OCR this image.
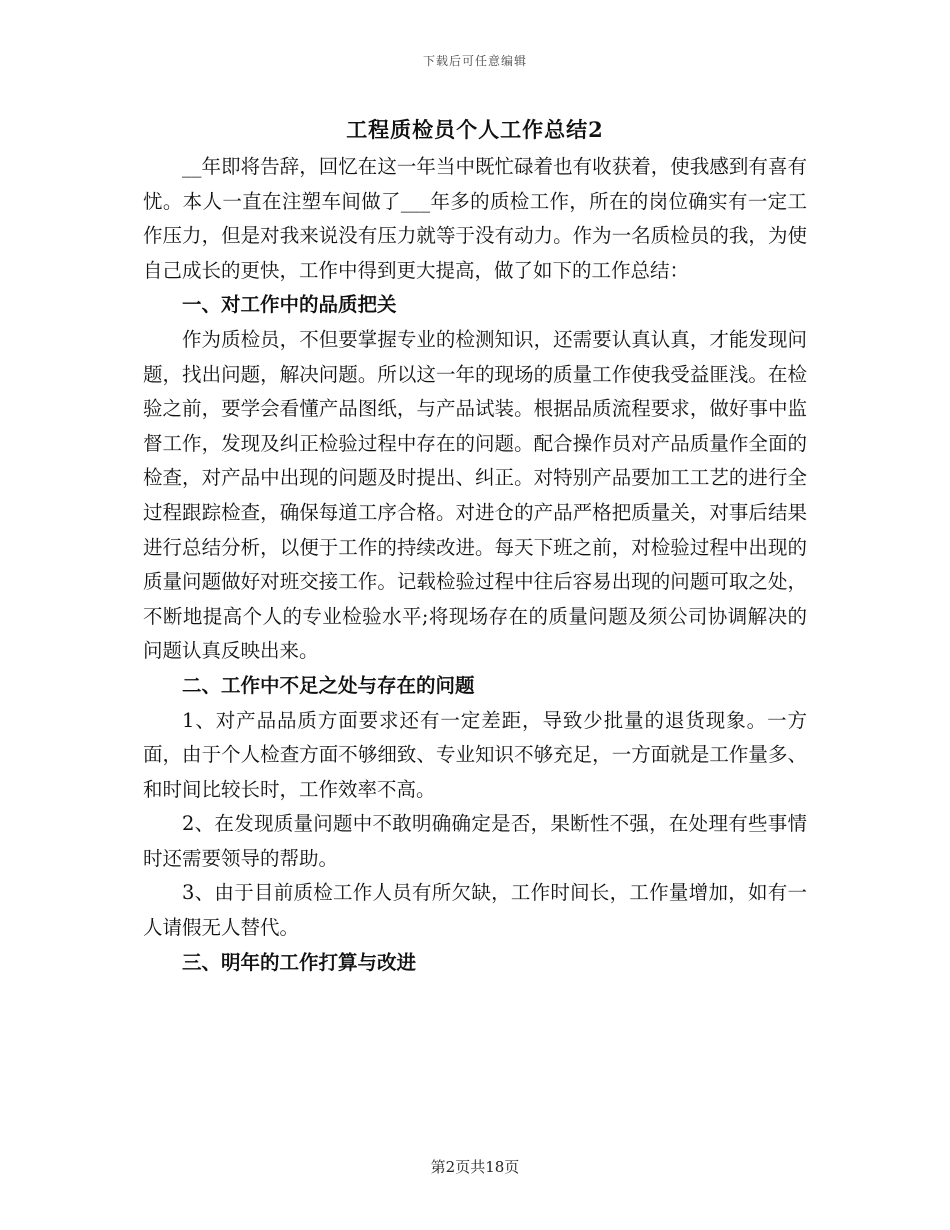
下载后可任意编辑
工程质检员个人工作总结2

__年即将告辞，回忆在这一年当中既忙碌着也有收获着，使我感到有喜有忧。本人一直在注塑车间做了___年多的质检工作，所在的岗位确实有一定工作压力，但是对我来说没有压力就等于没有动力。作为一名质检员的我，为使自己成长的更快，工作中得到更大提高，做了如下的工作总结：

一、对工作中的品质把关

作为质检员，不但要掌握专业的检测知识，还需要认真认真，才能发现问题，找出问题，解决问题。所以这一年的现场的质量工作使我受益匪浅。在检验之前，要学会看懂产品图纸，与产品试装。根据品质流程要求，做好事中监督工作，发现及纠正检验过程中存在的问题。配合操作员对产品质量作全面的检查，对产品中出现的问题及时提出、纠正。对特别产品要加工工艺的进行全过程跟踪检查，确保每道工序合格。对进仓的产品严格把质量关，对事后结果进行总结分析，以便于工作的持续改进。每天下班之前，对检验过程中出现的质量问题做好对班交接工作。记载检验过程中往后容易出现的问题可取之处，不断地提高个人的专业检验水平;将现场存在的质量问题及须公司协调解决的问题认真反映出来。

二、工作中不足之处与存在的问题

1、对产品品质方面要求还有一定差距，导致少批量的退货现象。一方面，由于个人检查方面不够细致、专业知识不够充足，一方面就是工作量多、和时间比较长时，工作效率不高。

2、在发现质量问题中不敢明确确定是否，果断性不强，在处理有些事情时还需要领导的帮助。

3、由于目前质检工作人员有所欠缺，工作时间长，工作量增加，如有一人请假无人替代。

三、明年的工作打算与改进
第2页共18页
